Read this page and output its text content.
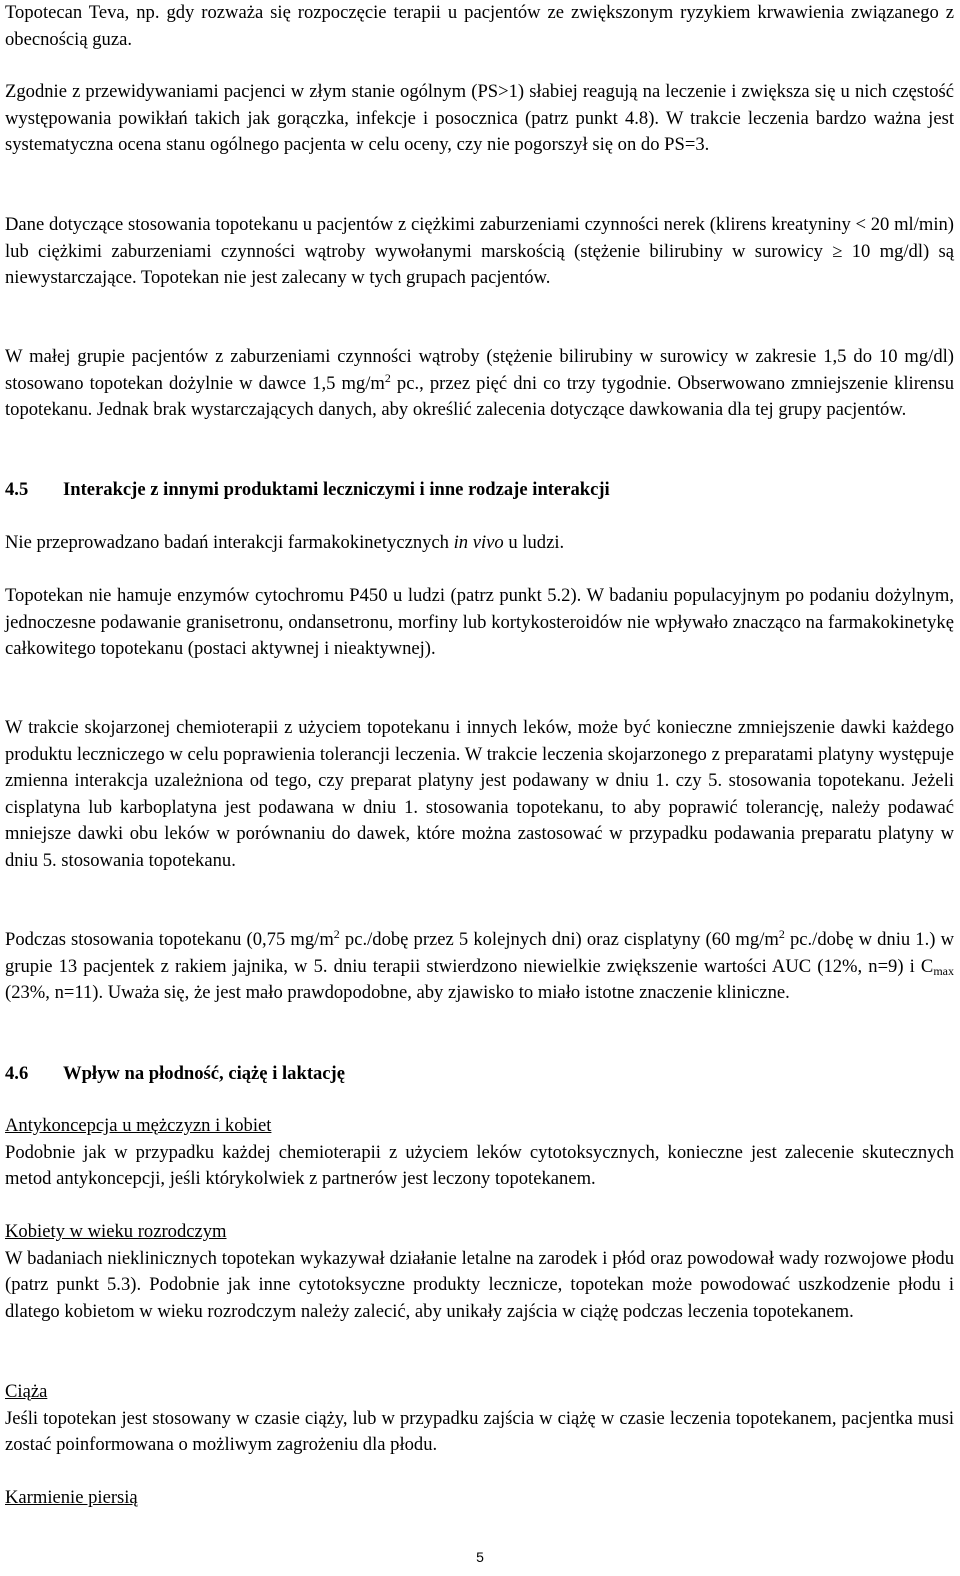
Topotecan Teva, np. gdy rozważa się rozpoczęcie terapii u pacjentów ze zwiększonym ryzykiem krwawienia związanego z obecnością guza.

Zgodnie z przewidywaniami pacjenci w złym stanie ogólnym (PS>1) słabiej reagują na leczenie i zwiększa się u nich częstość występowania powikłań takich jak gorączka, infekcje i posocznica (patrz punkt 4.8). W trakcie leczenia bardzo ważna jest systematyczna ocena stanu ogólnego pacjenta w celu oceny, czy nie pogorszył się on do PS=3.

Dane dotyczące stosowania topotekanu u pacjentów z ciężkimi zaburzeniami czynności nerek (klirens kreatyniny < 20 ml/min) lub ciężkimi zaburzeniami czynności wątroby wywołanymi marskością (stężenie bilirubiny w surowicy ≥ 10 mg/dl) są niewystarczające. Topotekan nie jest zalecany w tych grupach pacjentów.

W małej grupie pacjentów z zaburzeniami czynności wątroby (stężenie bilirubiny w surowicy w zakresie 1,5 do 10 mg/dl) stosowano topotekan dożylnie w dawce 1,5 $mg/m^2$ pc., przez pięć dni co trzy tygodnie. Obserwowano zmniejszenie klirensu topotekanu. Jednak brak wystarczających danych, aby określić zalecenia dotyczące dawkowania dla tej grupy pacjentów.

4.5 Interakcje z innymi produktami leczniczymi i inne rodzaje interakcji

Nie przeprowadzano badań interakcji farmakokinetycznych in vivo u ludzi.

Topotekan nie hamuje enzymów cytochromu P450 u ludzi (patrz punkt 5.2). W badaniu populacyjnym po podaniu dożylnym, jednoczesne podawanie granisetronu, ondansetronu, morfiny lub kortykosteroidów nie wpływało znacząco na farmakokinetykę całkowitego topotekanu (postaci aktywnej i nieaktywnej).

W trakcie skojarzonej chemioterapii z użyciem topotekanu i innych leków, może być konieczne zmniejszenie dawki każdego produktu leczniczego w celu poprawienia tolerancji leczenia. W trakcie leczenia skojarzonego z preparatami platyny występuje zmienna interakcja uzależniona od tego, czy preparat platyny jest podawany w dniu 1. czy 5. stosowania topotekanu. Jeżeli cisplatyna lub karboplatyna jest podawana w dniu 1. stosowania topotekanu, to aby poprawić tolerancję, należy podawać mniejsze dawki obu leków w porównaniu do dawek, które można zastosować w przypadku podawania preparatu platyny w dniu 5. stosowania topotekanu.

Podczas stosowania topotekanu (0,75 $mg/m^2$ pc./dobę przez 5 kolejnych dni) oraz cisplatyny (60 $mg/m^2$ pc./dobę w dniu 1.) w grupie 13 pacjentek z rakiem jajnika, w 5. dniu terapii stwierdzono niewielkie zwiększenie wartości AUC (12%, n=9) i $C_{max}$ (23%, n=11). Uważa się, że jest mało prawdopodobne, aby zjawisko to miało istotne znaczenie kliniczne.

4.6 Wpływ na płodność, ciążę i laktację
Antykoncepcja u mężczyzn i kobiet
Podobnie jak w przypadku każdej chemioterapii z użyciem leków cytotoksycznych, konieczne jest zalecenie skutecznych metod antykoncepcji, jeśli którykolwiek z partnerów jest leczony topotekanem.
Kobiety w wieku rozrodczym
W badaniach nieklinicznych topotekan wykazywał działanie letalne na zarodek i płód oraz powodował wady rozwojowe płodu (patrz punkt 5.3). Podobnie jak inne cytotoksyczne produkty lecznicze, topotekan może powodować uszkodzenie płodu i dlatego kobietom w wieku rozrodczym należy zalecić, aby unikały zajścia w ciążę podczas leczenia topotekanem.
Ciąża
Jeśli topotekan jest stosowany w czasie ciąży, lub w przypadku zajścia w ciążę w czasie leczenia topotekanem, pacjentka musi zostać poinformowana o możliwym zagrożeniu dla płodu.
Karmienie piersią
5
